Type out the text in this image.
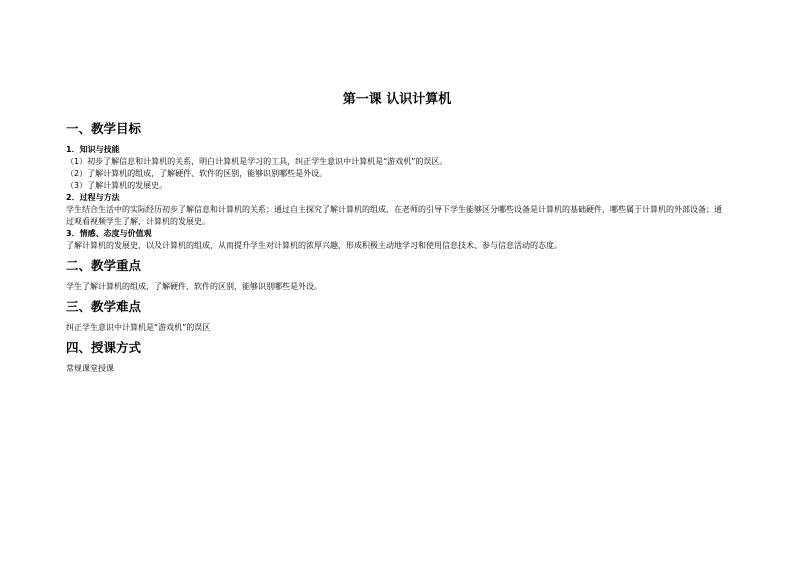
第一课 认识计算机

一、教学目标

1．知识与技能

（1）初步了解信息和计算机的关系，明白计算机是学习的工具，纠正学生意识中计算机是“游戏机”的误区。

（2）了解计算机的组成，了解硬件、软件的区别，能够识别哪些是外设。

（3）了解计算机的发展史。

2．过程与方法

学生结合生活中的实际经历初步了解信息和计算机的关系；通过自主探究了解计算机的组成，在老师的引导下学生能够区分哪些设备是计算机的基础硬件，哪些属于计算机的外部设备；通过观看视频学生了解，计算机的发展史。

3．情感、态度与价值观

了解计算机的发展史，以及计算机的组成，从而提升学生对计算机的浓厚兴趣，形成积极主动地学习和使用信息技术、参与信息活动的态度。

二、教学重点

学生了解计算机的组成，了解硬件、软件的区别，能够识别哪些是外设。

三、教学难点

纠正学生意识中计算机是“游戏机”的误区

四、授课方式

常规课堂授课
